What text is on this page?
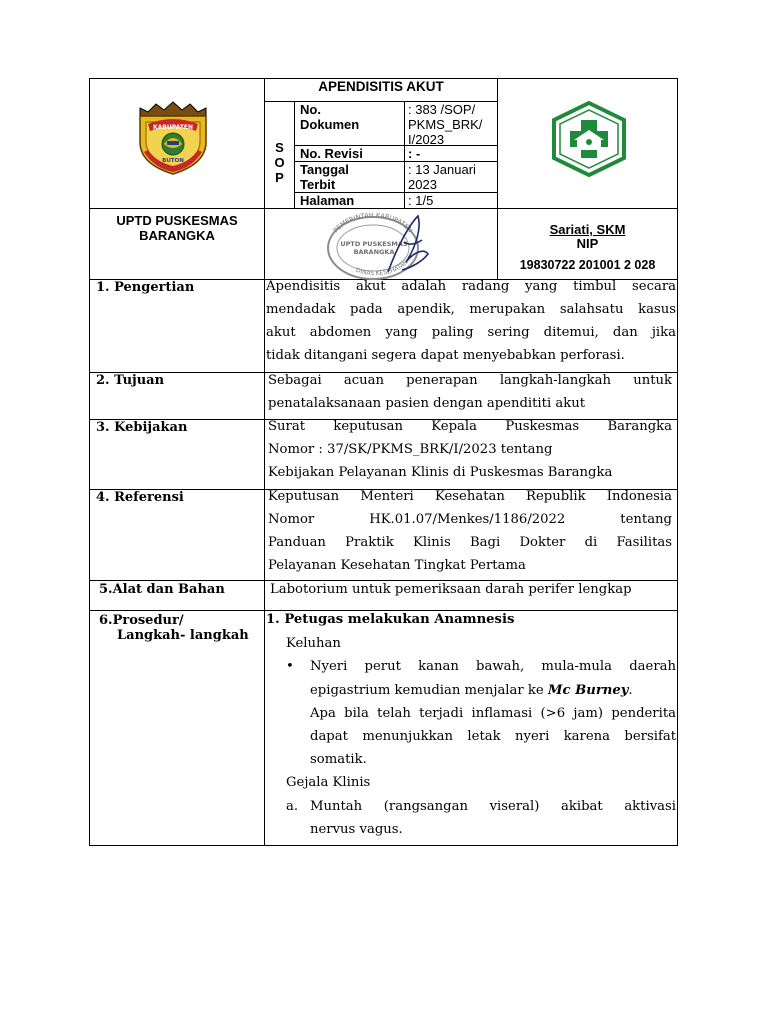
KABUPATEN
BUTON
APENDISITIS AKUT
S
O
P
No. Dokumen
: 383 /SOP/ PKMS_BRK/ I/2023
No. Revisi	: -
Tanggal Terbit
: 13 Januari 2023
Halaman	: 1/5
UPTD PUSKESMAS
BARANGKA	PEMERINTAH KABUPATEN
UPTD PUSKESMAS
BARANGKA
DINAS KESEHATAN
Sariati, SKM
NIP
19830722 201001 2 028
1. Pengertian	Apendisitis akut adalah radang yang timbul secara
mendadak pada apendik, merupakan salahsatu kasus
akut abdomen yang paling sering ditemui, dan jika
tidak ditangani segera dapat menyebabkan perforasi.
2. Tujuan	Sebagai acuan penerapan langkah-langkah untuk
penatalaksanaan pasien dengan apendititi akut
3. Kebijakan	Surat keputusan Kepala Puskesmas Barangka
Nomor : 37/SK/PKMS_BRK/I/2023 tentang
Kebijakan Pelayanan Klinis di Puskesmas Barangka
4. Referensi	Keputusan Menteri Kesehatan Republik Indonesia
Nomor HK.01.07/Menkes/1186/2022 tentang
Panduan Praktik Klinis Bagi Dokter di Fasilitas
Pelayanan Kesehatan Tingkat Pertama
5.Alat dan Bahan	Labotorium untuk pemeriksaan darah perifer lengkap
6.Prosedur/
Langkah- langkah
1. Petugas melakukan Anamnesis
Keluhan
• Nyeri perut kanan bawah, mula-mula daerah
epigastrium kemudian menjalar ke Mc Burney.
Apa bila telah terjadi inflamasi (>6 jam) penderita
dapat menunjukkan letak nyeri karena bersifat
somatik.
Gejala Klinis
a. Muntah (rangsangan viseral) akibat aktivasi
nervus vagus.
